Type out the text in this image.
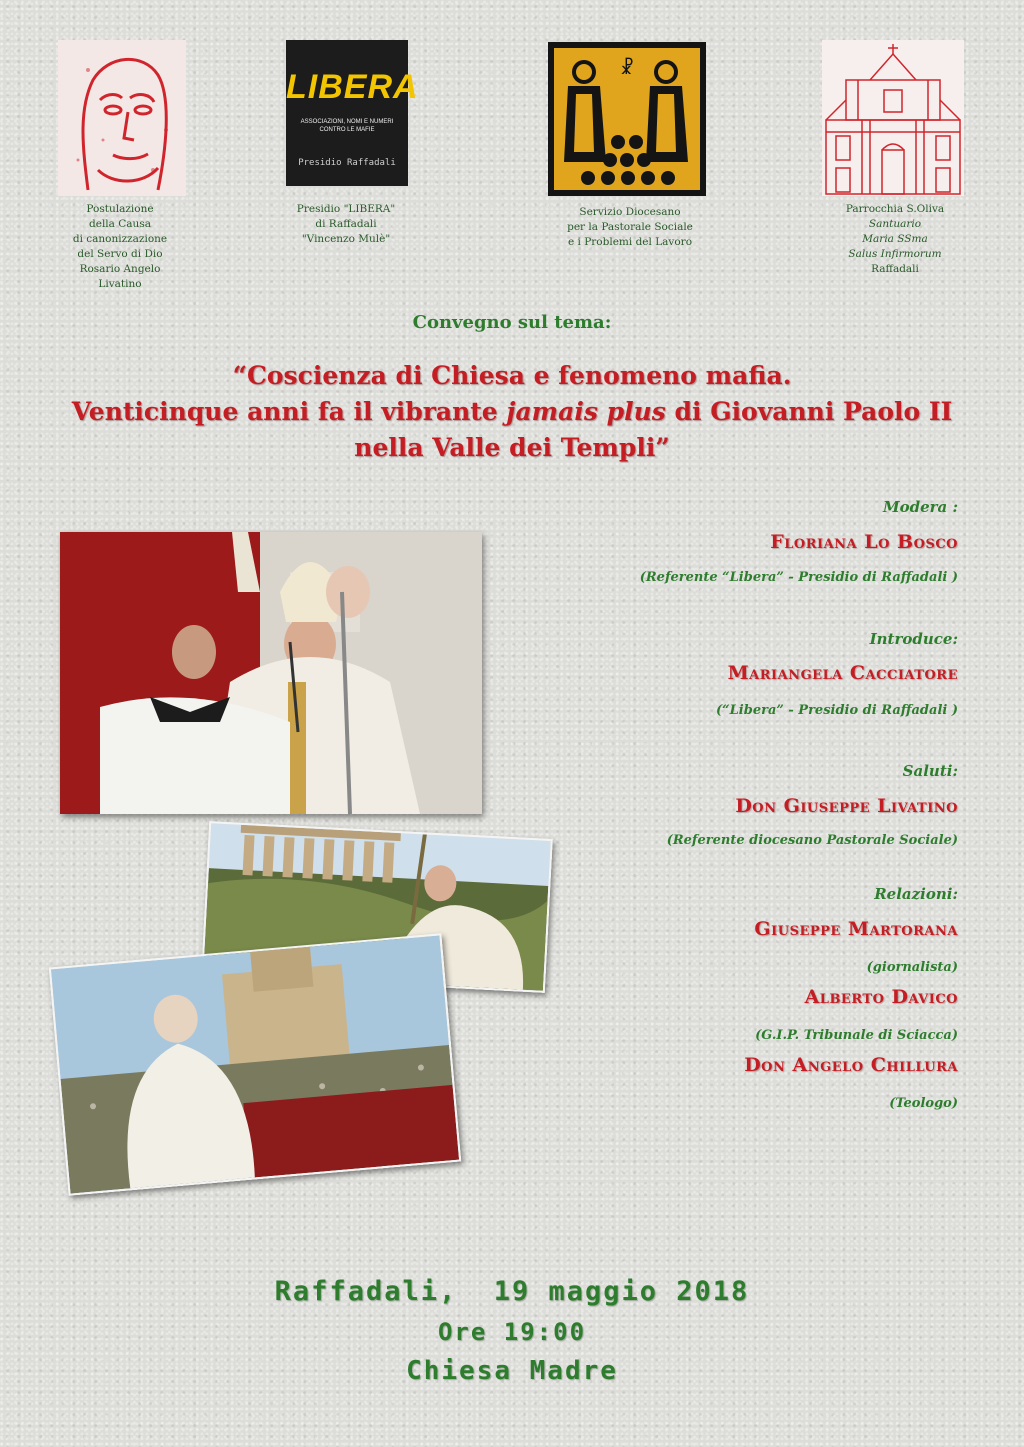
Postulazione
della Causa
di canonizzazione
del Servo di Dio
Rosario Angelo
Livatino
LIBERA
ASSOCIAZIONI, NOMI E NUMERI CONTRO LE MAFIE
Presidio Raffadali
Vincenzo Mulè
Presidio "LIBERA"
di Raffadali
"Vincenzo Mulè"
☧
Servizio Diocesano
per la Pastorale Sociale
e i Problemi del Lavoro
Parrocchia S.Oliva
Santuario
Maria SSma
Salus Infirmorum
Raffadali
Convegno sul tema:
“Coscienza di Chiesa e fenomeno mafia.
Venticinque anni fa il vibrante jamais plus di Giovanni Paolo II
nella Valle dei Templi”
Modera :
Floriana Lo Bosco
(Referente “Libera” - Presidio di Raffadali )
Introduce:
Mariangela Cacciatore
(“Libera” - Presidio di Raffadali )
Saluti:
Don Giuseppe Livatino
(Referente diocesano Pastorale Sociale)
Relazioni:
Giuseppe Martorana
(giornalista)
Alberto Davico
(G.I.P. Tribunale di Sciacca)
Don Angelo Chillura
(Teologo)
Raffadali,  19 maggio 2018
Ore 19:00
Chiesa Madre
